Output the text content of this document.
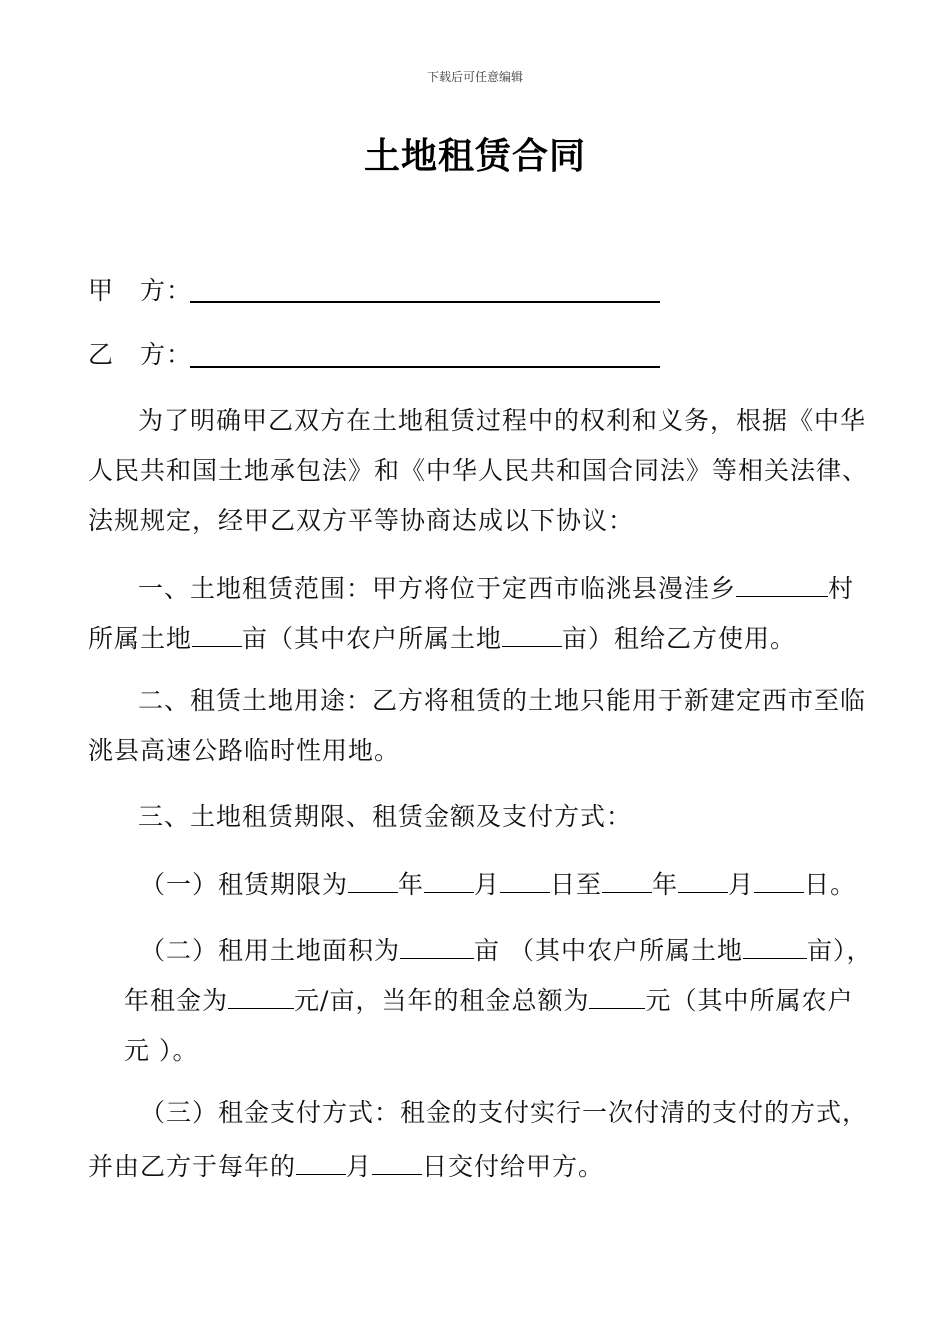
下载后可任意编辑
土地租赁合同
甲　方：
乙　方：
为了明确甲乙双方在土地租赁过程中的权利和义务，根据《中华
人民共和国土地承包法》和《中华人民共和国合同法》等相关法律、
法规规定，经甲乙双方平等协商达成以下协议：
一、土地租赁范围：甲方将位于定西市临洮县漫洼乡	村
所属土地 亩（其中农户所属土地 亩）租给乙方使用。
二、租赁土地用途：乙方将租赁的土地只能用于新建定西市至临
洮县高速公路临时性用地。
三、土地租赁期限、租赁金额及支付方式：
（一）租赁期限为 年 月 日至 年 月 日。
（二）租用土地面积为	亩 （其中农户所属土地	亩），
年租金为	元/亩，当年的租金总额为 元（其中所属农户
元 ）。
（三）租金支付方式：租金的支付实行一次付清的支付的方式，
并由乙方于每年的 月 日交付给甲方。
